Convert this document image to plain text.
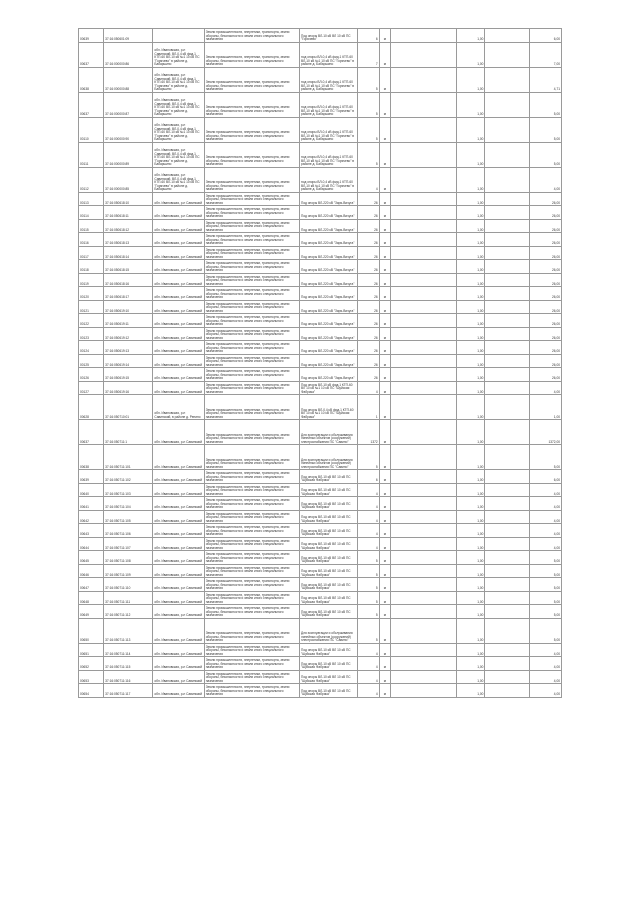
00639	37:16:050601:09		Земли промышленности, энергетики, транспорта, земли обороны, безопасности и земли иного специального назначения	Под опоры ВЛ-10 кВ ВЛ 10 кВ ПС "Горячево"	6	м		1,00		6,00
00637	37:16:000000:86	обл. Ивановская, р-н Савинский, ВЛ-0,4 кВ фид.1 КТП-60 ВЛ-10 кВ №1 10 кВ ПС "Горячево" в районе д. Бабаршино	Земли промышленности, энергетики, транспорта, земли обороны, безопасности и земли иного специального назначения	под опоры ВЛ-0,4 кВ фид.1 КТП-60 ВЛ-10 кВ №1 10 кВ ПС "Горячево" в районе д. Бабаршино	7	м		1,00		7,00
00638	37:16:000000:88	обл. Ивановская, р-н Савинский, ВЛ-0,4 кВ фид.1 КТП-60 ВЛ-10 кВ №1 10 кВ ПС "Горячево" в районе д. Бабаршино	Земли промышленности, энергетики, транспорта, земли обороны, безопасности и земли иного специального назначения	под опоры ВЛ-0,4 кВ фид.1 КТП-60 ВЛ-10 кВ №1 10 кВ ПС "Горячево" в районе д. Бабаршино	5	м		1,00		4,71
00637	37:16:000000:87	обл. Ивановская, р-н Савинский, ВЛ-0,4 кВ фид.1 КТП-60 ВЛ-10 кВ №1 10 кВ ПС "Горячево" в районе д. Бабаршино	Земли промышленности, энергетики, транспорта, земли обороны, безопасности и земли иного специального назначения	под опоры ВЛ-0,4 кВ фид.1 КТП-60 ВЛ-10 кВ №1 10 кВ ПС "Горячево" в районе д. Бабаршино	5	м		1,00		5,00
00110	37:16:000000:90	обл. Ивановская, р-н Савинский, ВЛ-0,4 кВ фид.1 КТП-60 ВЛ-10 кВ №1 10 кВ ПС "Горячево" в районе д. Бабаршино	Земли промышленности, энергетики, транспорта, земли обороны, безопасности и земли иного специального назначения	под опоры ВЛ-0,4 кВ фид.1 КТП-60 ВЛ-10 кВ №1 10 кВ ПС "Горячево" в районе д. Бабаршино	5	м		1,00		5,00
00111	37:16:000000:89	обл. Ивановская, р-н Савинский, ВЛ-0,4 кВ фид.1 КТП-60 ВЛ-10 кВ №1 10 кВ ПС "Горячево" в районе д. Бабаршино	Земли промышленности, энергетики, транспорта, земли обороны, безопасности и земли иного специального назначения	под опоры ВЛ-0,4 кВ фид.1 КТП-60 ВЛ-10 кВ №1 10 кВ ПС "Горячево" в районе д. Бабаршино	5	м		1,00		5,00
00112	37:16:000000:85	обл. Ивановская, р-н Савинский, ВЛ-0,4 кВ фид.1 КТП-60 ВЛ-10 кВ №1 10 кВ ПС "Горячево" в районе д. Бабаршино	Земли промышленности, энергетики, транспорта, земли обороны, безопасности и земли иного специального назначения	под опоры ВЛ-0,4 кВ фид.1 КТП-60 ВЛ-10 кВ №1 10 кВ ПС "Горячево" в районе д. Бабаршино	4	м		1,00		4,00
00113	37:16:050618:10	обл. Ивановская, р-н Савинский	Земли промышленности, энергетики, транспорта, земли обороны, безопасности и земли иного специального назначения	Под опоры ВЛ-220 кВ "Заря-Вичуга"	26	м		1,00		26,00
00114	37:16:050618:11	обл. Ивановская, р-н Савинский	Земли промышленности, энергетики, транспорта, земли обороны, безопасности и земли иного специального назначения	Под опоры ВЛ-220 кВ "Заря-Вичуга"	26	м		1,00		26,00
00115	37:16:050618:12	обл. Ивановская, р-н Савинский	Земли промышленности, энергетики, транспорта, земли обороны, безопасности и земли иного специального назначения	Под опоры ВЛ-220 кВ "Заря-Вичуга"	26	м		1,00		26,00
00116	37:16:050618:13	обл. Ивановская, р-н Савинский	Земли промышленности, энергетики, транспорта, земли обороны, безопасности и земли иного специального назначения	Под опоры ВЛ-220 кВ "Заря-Вичуга"	26	м		1,00		26,00
00117	37:16:050618:14	обл. Ивановская, р-н Савинский	Земли промышленности, энергетики, транспорта, земли обороны, безопасности и земли иного специального назначения	Под опоры ВЛ-220 кВ "Заря-Вичуга"	26	м		1,00		26,00
00118	37:16:050618:15	обл. Ивановская, р-н Савинский	Земли промышленности, энергетики, транспорта, земли обороны, безопасности и земли иного специального назначения	Под опоры ВЛ-220 кВ "Заря-Вичуга"	26	м		1,00		26,00
00119	37:16:050618:16	обл. Ивановская, р-н Савинский	Земли промышленности, энергетики, транспорта, земли обороны, безопасности и земли иного специального назначения	Под опоры ВЛ-220 кВ "Заря-Вичуга"	26	м		1,00		26,00
00120	37:16:050618:17	обл. Ивановская, р-н Савинский	Земли промышленности, энергетики, транспорта, земли обороны, безопасности и земли иного специального назначения	Под опоры ВЛ-220 кВ "Заря-Вичуга"	26	м		1,00		26,00
00121	37:16:050619:10	обл. Ивановская, р-н Савинский	Земли промышленности, энергетики, транспорта, земли обороны, безопасности и земли иного специального назначения	Под опоры ВЛ-220 кВ "Заря-Вичуга"	26	м		1,00		26,00
00122	37:16:050619:11	обл. Ивановская, р-н Савинский	Земли промышленности, энергетики, транспорта, земли обороны, безопасности и земли иного специального назначения	Под опоры ВЛ-220 кВ "Заря-Вичуга"	26	м		1,00		26,00
00123	37:16:050619:12	обл. Ивановская, р-н Савинский	Земли промышленности, энергетики, транспорта, земли обороны, безопасности и земли иного специального назначения	Под опоры ВЛ-220 кВ "Заря-Вичуга"	26	м		1,00		26,00
00124	37:16:050619:13	обл. Ивановская, р-н Савинский	Земли промышленности, энергетики, транспорта, земли обороны, безопасности и земли иного специального назначения	Под опоры ВЛ-220 кВ "Заря-Вичуга"	26	м		1,00		26,00
00125	37:16:050619:14	обл. Ивановская, р-н Савинский	Земли промышленности, энергетики, транспорта, земли обороны, безопасности и земли иного специального назначения	Под опоры ВЛ-220 кВ "Заря-Вичуга"	26	м		1,00		26,00
00126	37:16:050619:15	обл. Ивановская, р-н Савинский	Земли промышленности, энергетики, транспорта, земли обороны, безопасности и земли иного специального назначения	Под опоры ВЛ-220 кВ "Заря-Вичуга"	26	м		1,00		26,00
00127	37:16:050619:16	обл. Ивановская, р-н Савинский	Земли промышленности, энергетики, транспорта, земли обороны, безопасности и земли иного специального назначения	Под опоры ВЛ-10 кВ фид.1 КТП-60 ВЛ 10 кВ №1 10 кВ ПС "Шуйская Фабрика"	4	м		1,00		4,00
00628	37:16:050710:01	обл. Ивановская, р-н Савинский, в районе д. Репино	Земли промышленности, энергетики, транспорта, земли обороны, безопасности и земли иного специального назначения	Под опоры ВЛ-0,4 кВ фид.1 КТП-60 ВЛ 10 кВ №1 10 кВ ПС "Шуйская Фабрика"	1	м		1,00		1,00
00637	37:16:050711:1	обл. Ивановская, р-н Савинский	Земли промышленности, энергетики, транспорта, земли обороны, безопасности и земли иного специального назначения	Для эксплуатации и обслуживания линейных объектов (сооружений) электроснабжения ПС "Савино"	1372	м		1,00		1372,00
00638	37:16:050711:101	обл. Ивановская, р-н Савинский	Земли промышленности, энергетики, транспорта, земли обороны, безопасности и земли иного специального назначения	Для эксплуатации и обслуживания линейных объектов (сооружений) электроснабжения ПС "Савино"	5	м		1,00		5,00
00639	37:16:050711:102	обл. Ивановская, р-н Савинский	Земли промышленности, энергетики, транспорта, земли обороны, безопасности и земли иного специального назначения	Под опоры ВЛ-10 кВ ВЛ 10 кВ ПС "Шуйская Фабрика"	6	м		1,00		6,00
00640	37:16:050711:103	обл. Ивановская, р-н Савинский	Земли промышленности, энергетики, транспорта, земли обороны, безопасности и земли иного специального назначения	Под опоры ВЛ-10 кВ ВЛ 10 кВ ПС "Шуйская Фабрика"	4	м		1,00		4,00
00641	37:16:050711:104	обл. Ивановская, р-н Савинский	Земли промышленности, энергетики, транспорта, земли обороны, безопасности и земли иного специального назначения	Под опоры ВЛ-10 кВ ВЛ 10 кВ ПС "Шуйская Фабрика"	4	м		1,00		4,00
00642	37:16:050711:105	обл. Ивановская, р-н Савинский	Земли промышленности, энергетики, транспорта, земли обороны, безопасности и земли иного специального назначения	Под опоры ВЛ-10 кВ ВЛ 10 кВ ПС "Шуйская Фабрика"	4	м		1,00		4,00
00643	37:16:050711:106	обл. Ивановская, р-н Савинский	Земли промышленности, энергетики, транспорта, земли обороны, безопасности и земли иного специального назначения	Под опоры ВЛ-10 кВ ВЛ 10 кВ ПС "Шуйская Фабрика"	4	м		1,00		4,00
00644	37:16:050711:107	обл. Ивановская, р-н Савинский	Земли промышленности, энергетики, транспорта, земли обороны, безопасности и земли иного специального назначения	Под опоры ВЛ-10 кВ ВЛ 10 кВ ПС "Шуйская Фабрика"	4	м		1,00		4,00
00645	37:16:050711:108	обл. Ивановская, р-н Савинский	Земли промышленности, энергетики, транспорта, земли обороны, безопасности и земли иного специального назначения	Под опоры ВЛ-10 кВ ВЛ 10 кВ ПС "Шуйская Фабрика"	5	м		1,00		5,00
00646	37:16:050711:109	обл. Ивановская, р-н Савинский	Земли промышленности, энергетики, транспорта, земли обороны, безопасности и земли иного специального назначения	Под опоры ВЛ-10 кВ ВЛ 10 кВ ПС "Шуйская Фабрика"	5	м		1,00		5,00
00647	37:16:050711:110	обл. Ивановская, р-н Савинский	Земли промышленности, энергетики, транспорта, земли обороны, безопасности и земли иного специального назначения	Под опоры ВЛ-10 кВ ВЛ 10 кВ ПС "Шуйская Фабрика"	5	м		1,00		5,00
00648	37:16:050711:111	обл. Ивановская, р-н Савинский	Земли промышленности, энергетики, транспорта, земли обороны, безопасности и земли иного специального назначения	Под опоры ВЛ-10 кВ ВЛ 10 кВ ПС "Шуйская Фабрика"	5	м		1,00		5,00
00649	37:16:050711:112	обл. Ивановская, р-н Савинский	Земли промышленности, энергетики, транспорта, земли обороны, безопасности и земли иного специального назначения	Под опоры ВЛ-10 кВ ВЛ 10 кВ ПС "Шуйская Фабрика"	5	м		1,00		5,00
00650	37:16:050711:113	обл. Ивановская, р-н Савинский	Земли промышленности, энергетики, транспорта, земли обороны, безопасности и земли иного специального назначения	Для эксплуатации и обслуживания линейных объектов (сооружений) электроснабжения ПС "Савино"	5	м		1,00		5,00
00651	37:16:050711:114	обл. Ивановская, р-н Савинский	Земли промышленности, энергетики, транспорта, земли обороны, безопасности и земли иного специального назначения	Под опоры ВЛ-10 кВ ВЛ 10 кВ ПС "Шуйская Фабрика"	4	м		1,00		4,00
00652	37:16:050711:115	обл. Ивановская, р-н Савинский	Земли промышленности, энергетики, транспорта, земли обороны, безопасности и земли иного специального назначения	Под опоры ВЛ-10 кВ ВЛ 10 кВ ПС "Шуйская Фабрика"	4	м		1,00		4,00
00653	37:16:050711:116	обл. Ивановская, р-н Савинский	Земли промышленности, энергетики, транспорта, земли обороны, безопасности и земли иного специального назначения	Под опоры ВЛ-10 кВ ВЛ 10 кВ ПС "Шуйская Фабрика"	4	м		1,00		4,00
00654	37:16:050711:117	обл. Ивановская, р-н Савинский	Земли промышленности, энергетики, транспорта, земли обороны, безопасности и земли иного специального назначения	Под опоры ВЛ-10 кВ ВЛ 10 кВ ПС "Шуйская Фабрика"	4	м		1,00		4,00
